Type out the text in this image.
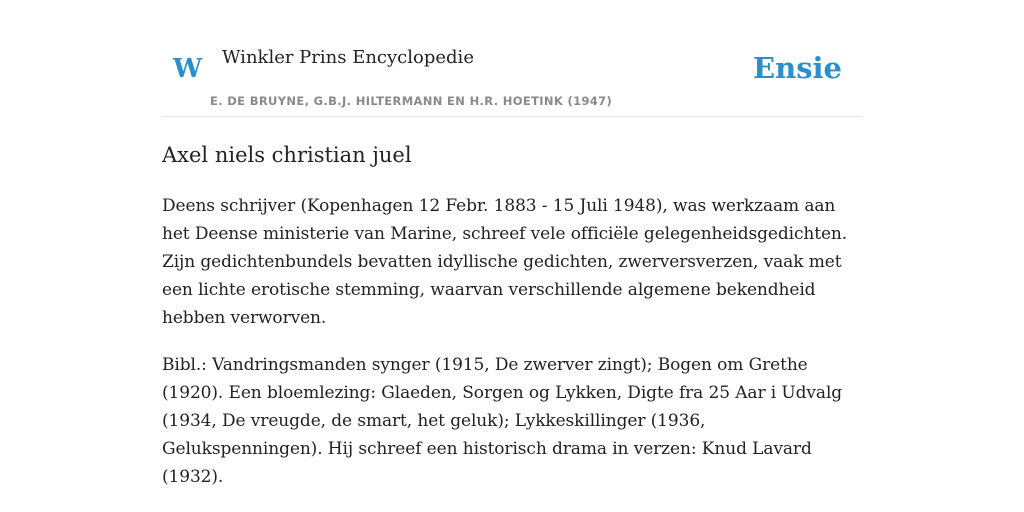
W Winkler Prins Encyclopedie
E. DE BRUYNE, G.B.J. HILTERMANN EN H.R. HOETINK (1947)
Ensie
Axel niels christian juel

Deens schrijver (Kopenhagen 12 Febr. 1883 - 15 Juli 1948), was werkzaam aan het Deense ministerie van Marine, schreef vele officiële gelegenheidsgedichten. Zijn gedichtenbundels bevatten idyllische gedichten, zwerversverzen, vaak met een lichte erotische stemming, waarvan verschillende algemene bekendheid hebben verworven.

Bibl.: Vandringsmanden synger (1915, De zwerver zingt); Bogen om Grethe (1920). Een bloemlezing: Glaeden, Sorgen og Lykken, Digte fra 25 Aar i Udvalg (1934, De vreugde, de smart, het geluk); Lykkeskillinger (1936, Gelukspenningen). Hij schreef een historisch drama in verzen: Knud Lavard (1932).
